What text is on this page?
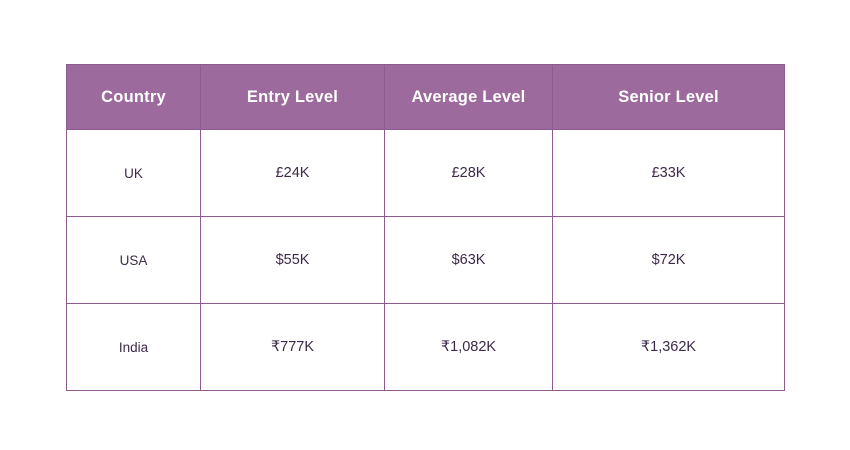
Country	Entry Level	Average Level	Senior Level
UK	£24K	£28K	£33K
USA	$55K	$63K	$72K
India	₹777K	₹1,082K	₹1,362K
